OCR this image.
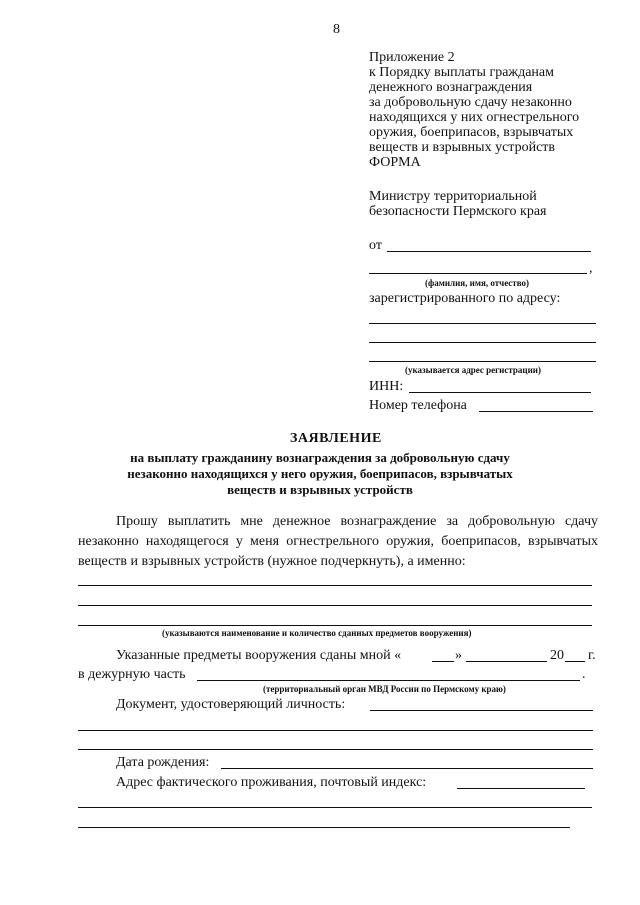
8
Приложение 2
к Порядку выплаты гражданам
денежного вознаграждения
за добровольную сдачу незаконно
находящихся у них огнестрельного
оружия, боеприпасов, взрывчатых
веществ и взрывных устройств
ФОРМА
Министру территориальной
безопасности Пермского края
от
,
(фамилия, имя, отчество)
зарегистрированного по адресу:
(указывается адрес регистрации)
ИНН:
Номер телефона
ЗАЯВЛЕНИЕ
на выплату гражданину вознаграждения за добровольную сдачу
незаконно находящихся у него оружия, боеприпасов, взрывчатых
веществ и взрывных устройств
Прошу выплатить мне денежное вознаграждение за добровольную сдачу незаконно находящегося у меня огнестрельного оружия, боеприпасов, взрывчатых веществ и взрывных устройств (нужное подчеркнуть), а именно:
(указываются наименование и количество сданных предметов вооружения)
Указанные предметы вооружения сданы мной «	»	20 г.
в дежурную часть	.
(территориальный орган МВД России по Пермскому краю)
Документ, удостоверяющий личность:
Дата рождения:
Адрес фактического проживания, почтовый индекс:
